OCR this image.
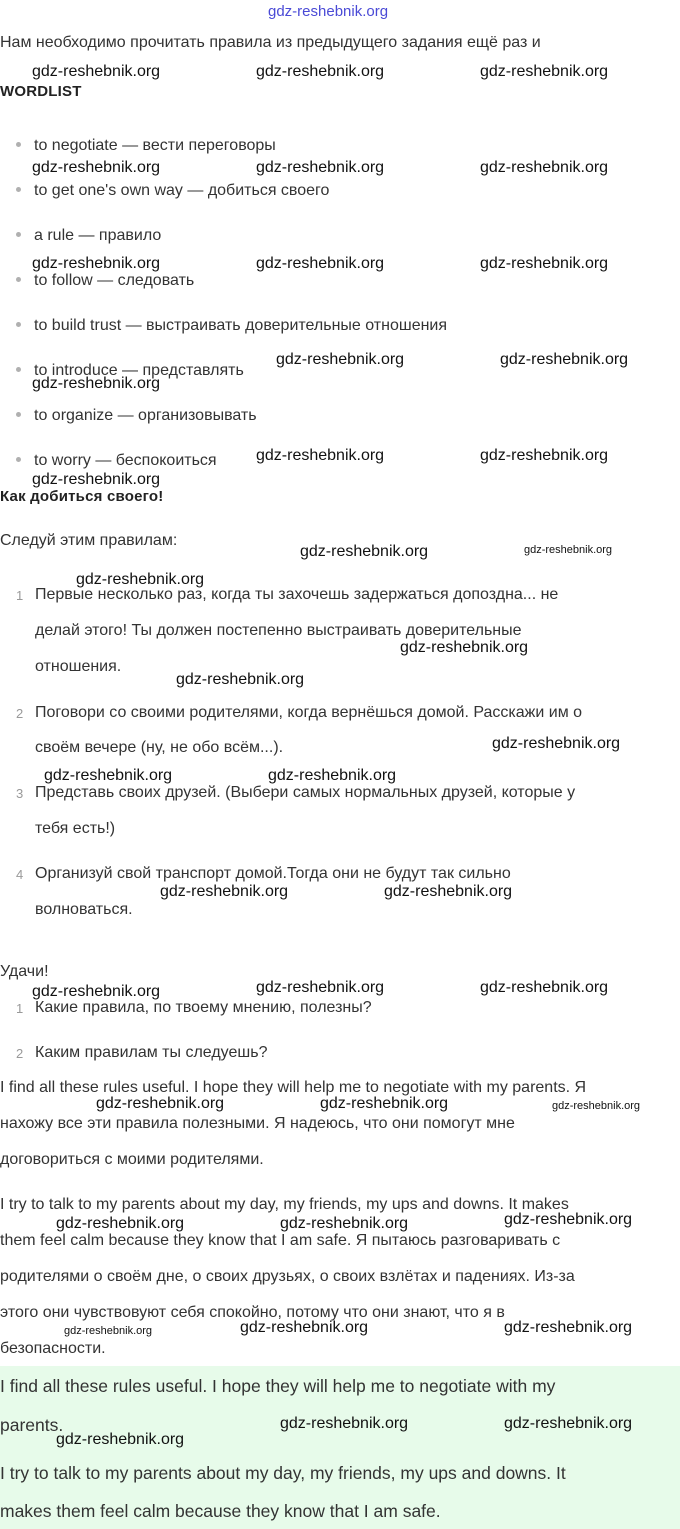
gdz-reshebnik.org
Нам необходимо прочитать правила из предыдущего задания ещё раз и
WORDLIST
to negotiate — вести переговоры
to get one's own way — добиться своего
a rule — правило
to follow — следовать
to build trust — выстраивать доверительные отношения
to introduce — представлять
to organize — организовывать
to worry — беспокоиться
Как добиться своего!
Следуй этим правилам:
1 Первые несколько раз, когда ты захочешь задержаться допоздна... не
делай этого! Ты должен постепенно выстраивать доверительные
отношения.
2 Поговори со своими родителями, когда вернёшься домой. Расскажи им о
своём вечере (ну, не обо всём...).
3 Представь своих друзей. (Выбери самых нормальных друзей, которые у
тебя есть!)
4 Организуй свой транспорт домой.Тогда они не будут так сильно
волноваться.
Удачи!
1 Какие правила, по твоему мнению, полезны?
2 Каким правилам ты следуешь?
I find all these rules useful. I hope they will help me to negotiate with my parents. Я
нахожу все эти правила полезными. Я надеюсь, что они помогут мне
договориться с моими родителями.
I try to talk to my parents about my day, my friends, my ups and downs. It makes
them feel calm because they know that I am safe. Я пытаюсь разговаривать с
родителями о своём дне, о своих друзьях, о своих взлётах и падениях. Из-за
этого они чувствовуют себя спокойно, потому что они знают, что я в
безопасности.
I find all these rules useful. I hope they will help me to negotiate with my
parents.
I try to talk to my parents about my day, my friends, my ups and downs. It
makes them feel calm because they know that I am safe.
gdz-reshebnik.org	gdz-reshebnik.org	gdz-reshebnik.org
gdz-reshebnik.org	gdz-reshebnik.org	gdz-reshebnik.org
gdz-reshebnik.org	gdz-reshebnik.org	gdz-reshebnik.org
gdz-reshebnik.org	gdz-reshebnik.org
gdz-reshebnik.org
gdz-reshebnik.org	gdz-reshebnik.org
gdz-reshebnik.org
gdz-reshebnik.org	gdz-reshebnik.org
gdz-reshebnik.org
gdz-reshebnik.org
gdz-reshebnik.org
gdz-reshebnik.org
gdz-reshebnik.org	gdz-reshebnik.org
gdz-reshebnik.org	gdz-reshebnik.org
gdz-reshebnik.org	gdz-reshebnik.org
gdz-reshebnik.org
gdz-reshebnik.org	gdz-reshebnik.org	gdz-reshebnik.org
gdz-reshebnik.org
gdz-reshebnik.org	gdz-reshebnik.org
gdz-reshebnik.org	gdz-reshebnik.org	gdz-reshebnik.org
gdz-reshebnik.org	gdz-reshebnik.org
gdz-reshebnik.org
